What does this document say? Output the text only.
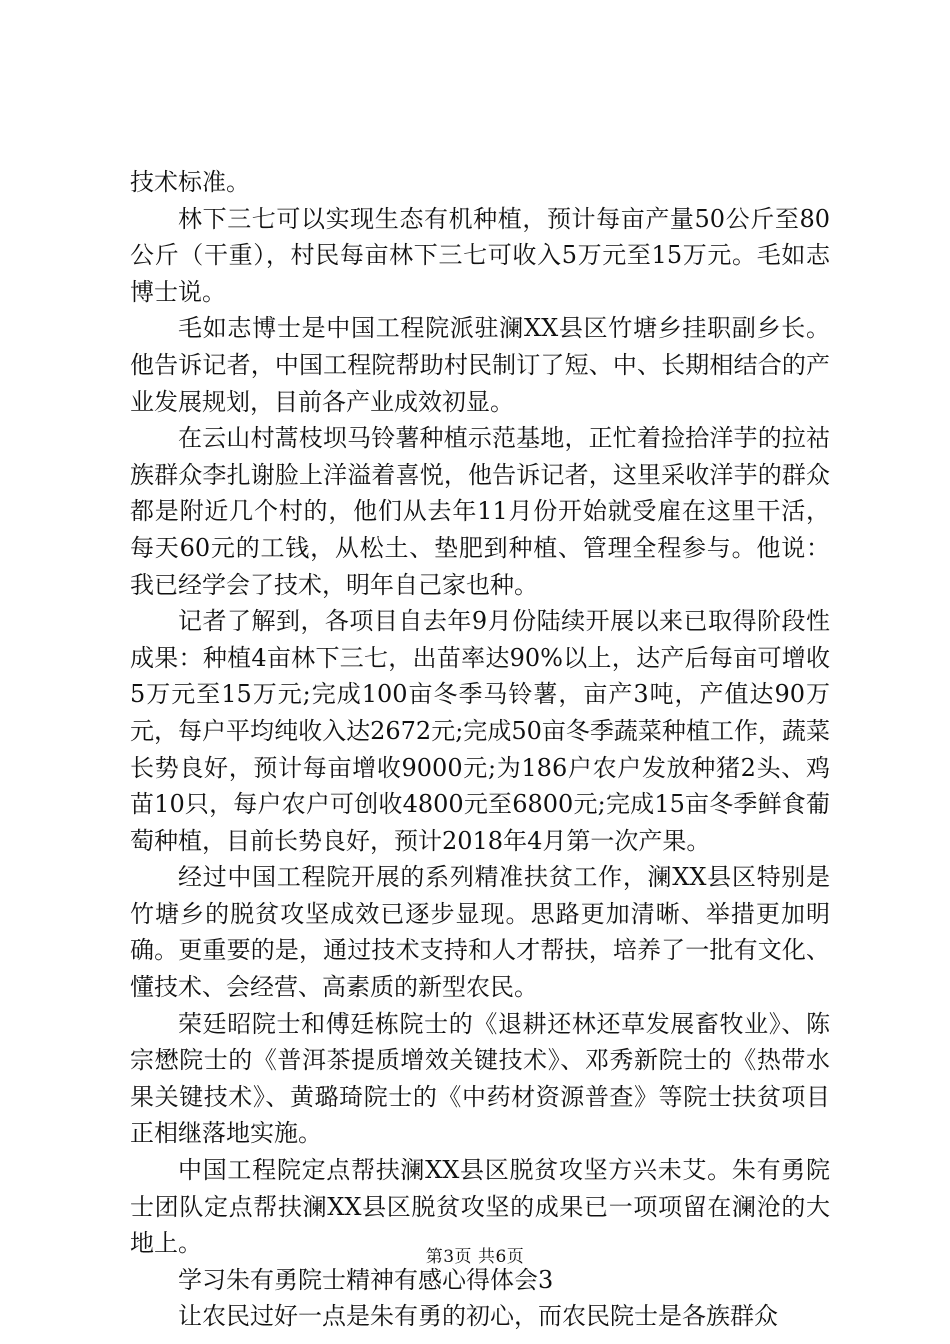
技术标准。

林下三七可以实现生态有机种植，预计每亩产量50公斤至80公斤（干重），村民每亩林下三七可收入5万元至15万元。毛如志博士说。

毛如志博士是中国工程院派驻澜XX县区竹塘乡挂职副乡长。他告诉记者，中国工程院帮助村民制订了短、中、长期相结合的产业发展规划，目前各产业成效初显。

在云山村蒿枝坝马铃薯种植示范基地，正忙着捡拾洋芋的拉祜族群众李扎谢脸上洋溢着喜悦，他告诉记者，这里采收洋芋的群众都是附近几个村的，他们从去年11月份开始就受雇在这里干活，每天60元的工钱，从松土、垫肥到种植、管理全程参与。他说：我已经学会了技术，明年自己家也种。

记者了解到，各项目自去年9月份陆续开展以来已取得阶段性成果：种植4亩林下三七，出苗率达90%以上，达产后每亩可增收5万元至15万元;完成100亩冬季马铃薯，亩产3吨，产值达90万元，每户平均纯收入达2672元;完成50亩冬季蔬菜种植工作，蔬菜长势良好，预计每亩增收9000元;为186户农户发放种猪2头、鸡苗10只，每户农户可创收4800元至6800元;完成15亩冬季鲜食葡萄种植，目前长势良好，预计2018年4月第一次产果。

经过中国工程院开展的系列精准扶贫工作，澜XX县区特别是竹塘乡的脱贫攻坚成效已逐步显现。思路更加清晰、举措更加明确。更重要的是，通过技术支持和人才帮扶，培养了一批有文化、懂技术、会经营、高素质的新型农民。

荣廷昭院士和傅廷栋院士的《退耕还林还草发展畜牧业》、陈宗懋院士的《普洱茶提质增效关键技术》、邓秀新院士的《热带水果关键技术》、黄璐琦院士的《中药材资源普查》等院士扶贫项目正相继落地实施。

中国工程院定点帮扶澜XX县区脱贫攻坚方兴未艾。朱有勇院士团队定点帮扶澜XX县区脱贫攻坚的成果已一项项留在澜沧的大地上。

学习朱有勇院士精神有感心得体会3

让农民过好一点是朱有勇的初心，而农民院士是各族群众

第3页 共6页
